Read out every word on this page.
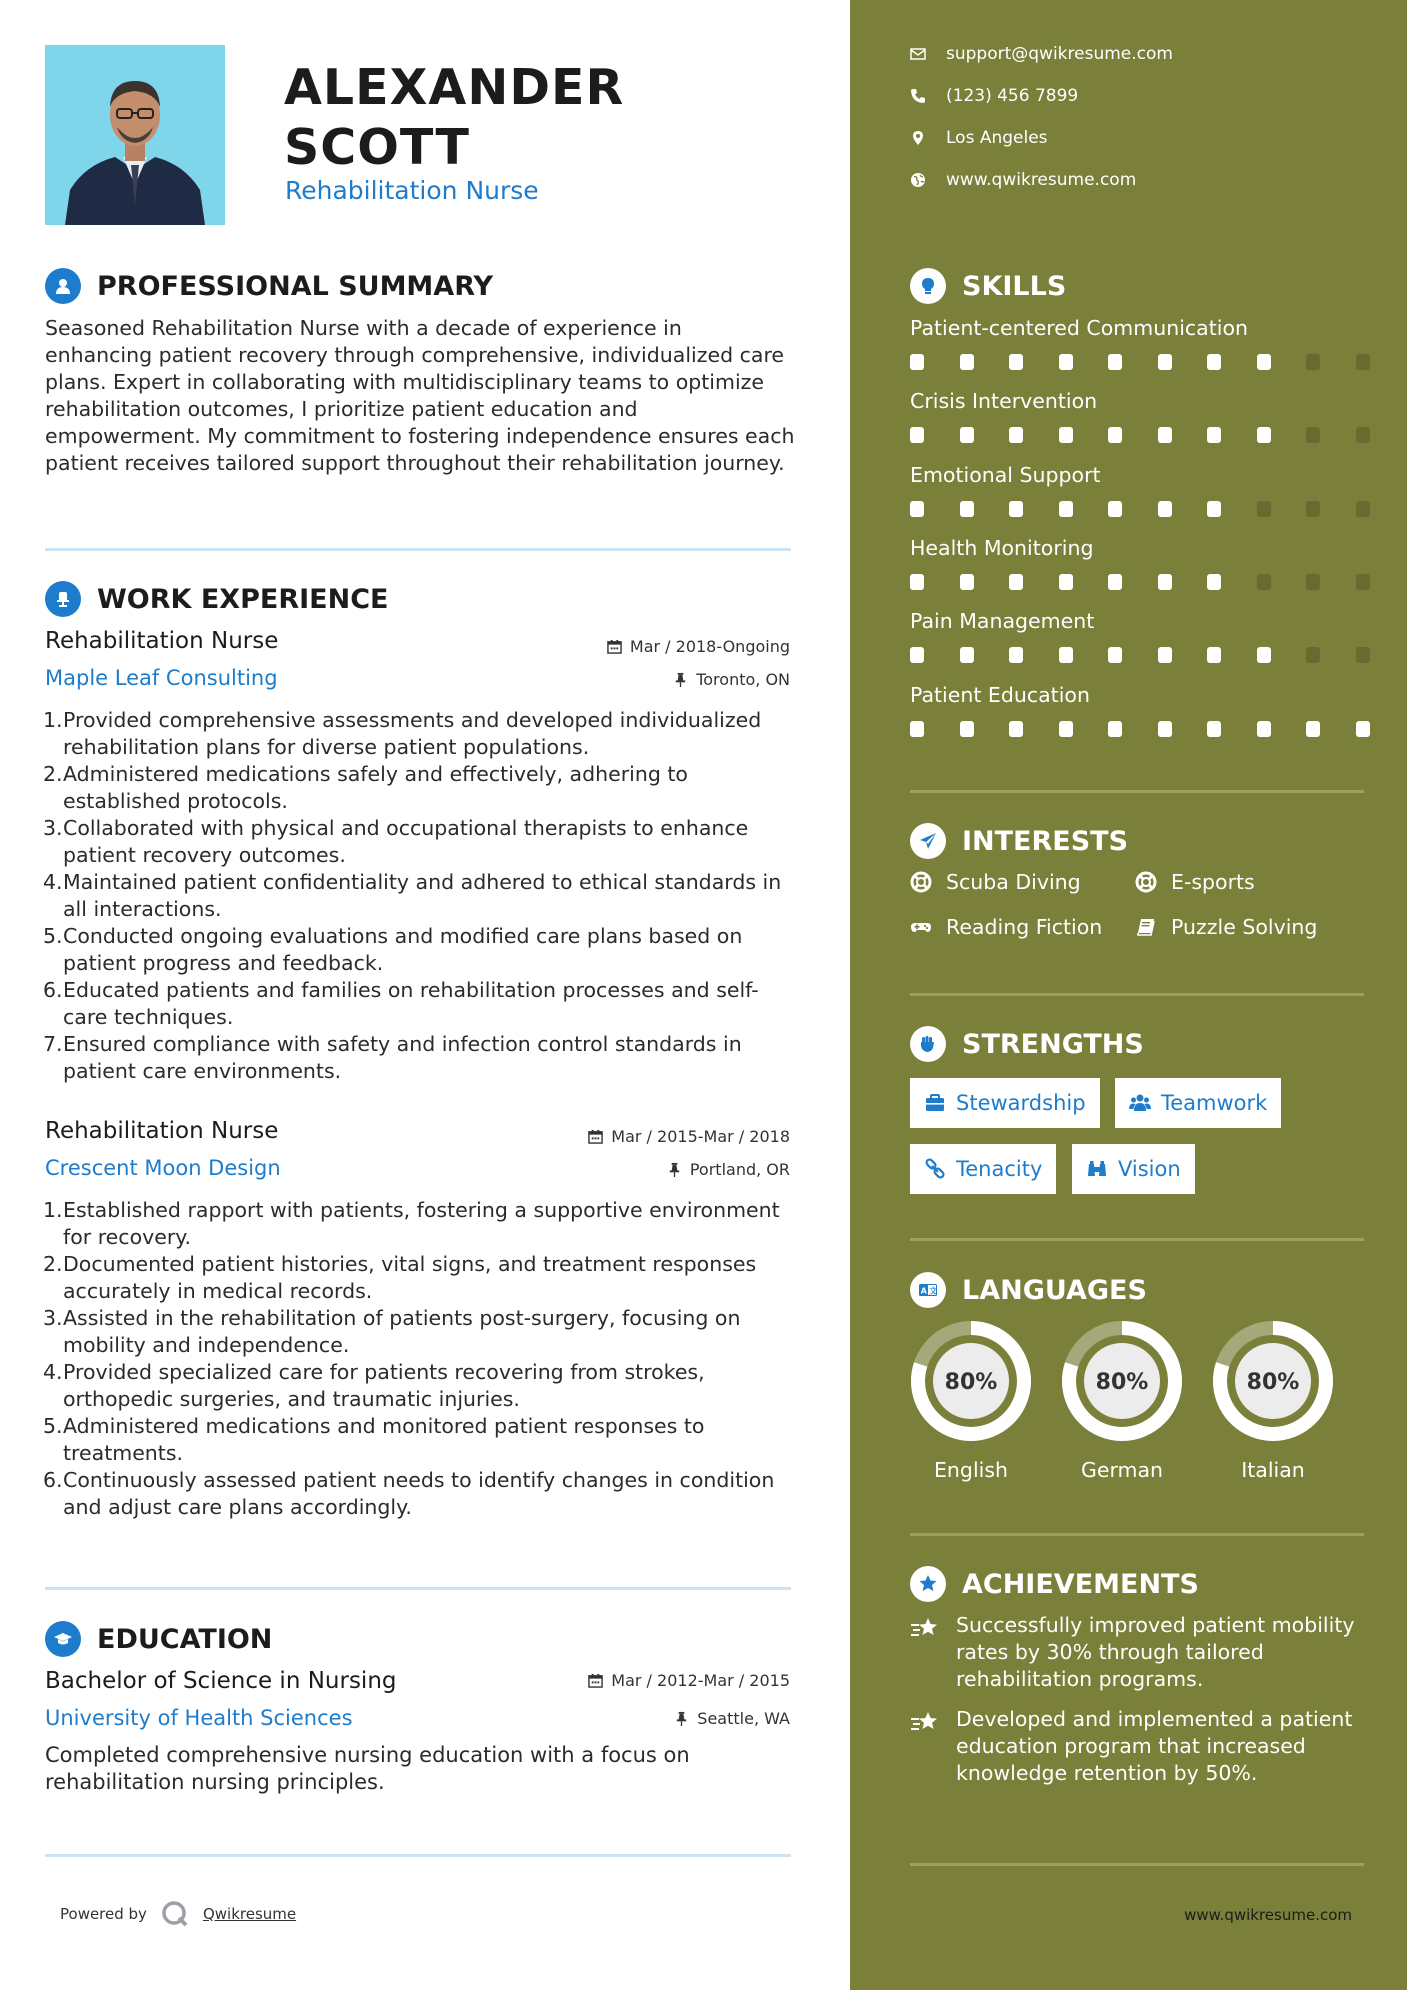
ALEXANDER
SCOTT
Rehabilitation Nurse
PROFESSIONAL SUMMARY
Seasoned Rehabilitation Nurse with a decade of experience in enhancing patient recovery through comprehensive, individualized care plans. Expert in collaborating with multidisciplinary teams to optimize rehabilitation outcomes, I prioritize patient education and empowerment. My commitment to fostering independence ensures each patient receives tailored support throughout their rehabilitation journey.
WORK EXPERIENCE
Rehabilitation Nurse	Mar / 2018-Ongoing
Maple Leaf Consulting	Toronto, ON
1. Provided comprehensive assessments and developed individualized rehabilitation plans for diverse patient populations.
2. Administered medications safely and effectively, adhering to established protocols.
3. Collaborated with physical and occupational therapists to enhance patient recovery outcomes.
4. Maintained patient confidentiality and adhered to ethical standards in all interactions.
5. Conducted ongoing evaluations and modified care plans based on patient progress and feedback.
6. Educated patients and families on rehabilitation processes and self-care techniques.
7. Ensured compliance with safety and infection control standards in patient care environments.
Rehabilitation Nurse	Mar / 2015-Mar / 2018
Crescent Moon Design	Portland, OR
1. Established rapport with patients, fostering a supportive environment for recovery.
2. Documented patient histories, vital signs, and treatment responses accurately in medical records.
3. Assisted in the rehabilitation of patients post-surgery, focusing on mobility and independence.
4. Provided specialized care for patients recovering from strokes, orthopedic surgeries, and traumatic injuries.
5. Administered medications and monitored patient responses to treatments.
6. Continuously assessed patient needs to identify changes in condition and adjust care plans accordingly.
EDUCATION
Bachelor of Science in Nursing	Mar / 2012-Mar / 2015
University of Health Sciences	Seattle, WA
Completed comprehensive nursing education with a focus on rehabilitation nursing principles.
Powered by	Qwikresume
support@qwikresume.com
(123) 456 7899
Los Angeles
www.qwikresume.com
SKILLS
Patient-centered Communication
Crisis Intervention
Emotional Support
Health Monitoring
Pain Management
Patient Education
INTERESTS
Scuba Diving	E-sports
Reading Fiction	Puzzle Solving
STRENGTHS
Stewardship	Teamwork
Tenacity	Vision
A 文 LANGUAGES
80%
English
80%
German
80%
Italian
ACHIEVEMENTS
Successfully improved patient mobility rates by 30% through tailored rehabilitation programs.
Developed and implemented a patient education program that increased knowledge retention by 50%.
www.qwikresume.com
